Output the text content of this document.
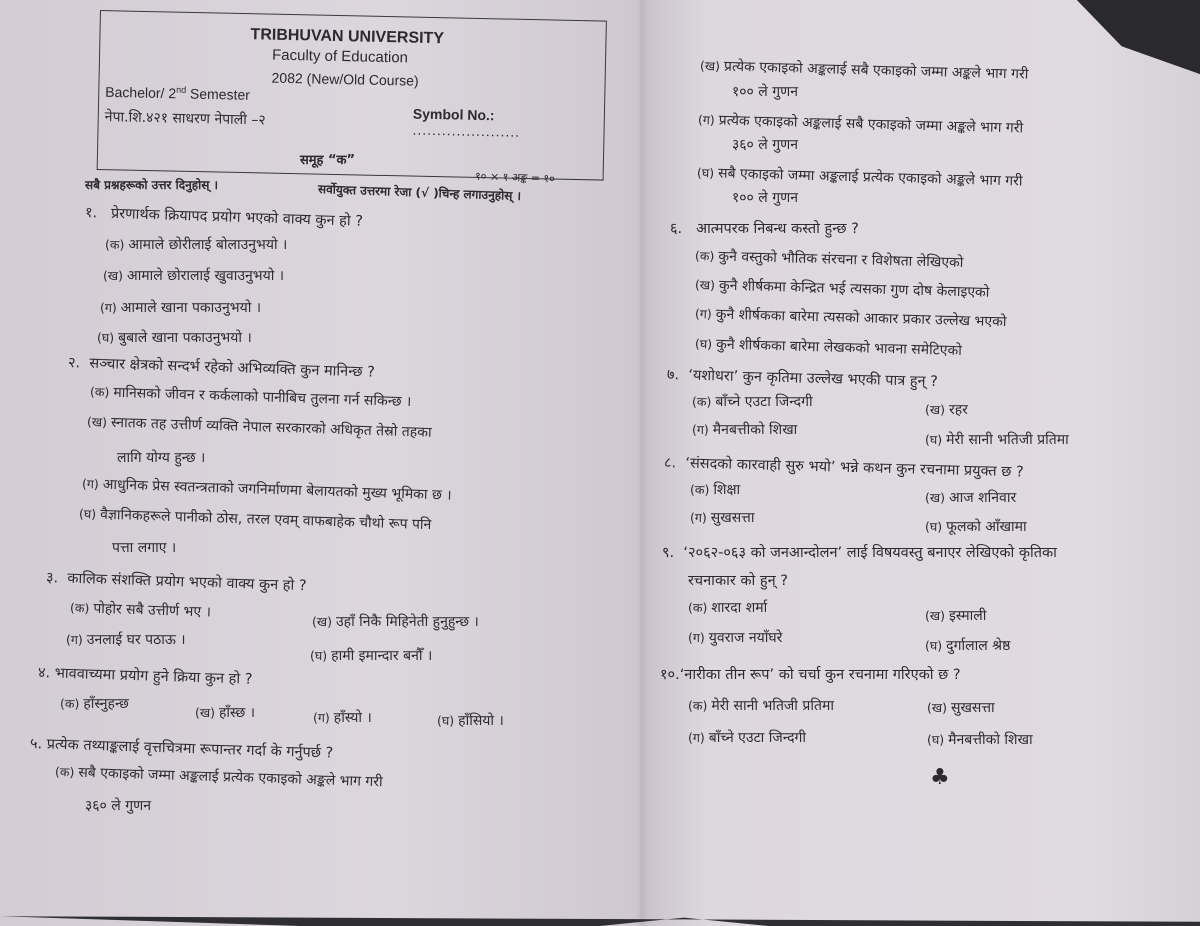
TRIBHUVAN UNIVERSITY
Faculty of Education
2082 (New/Old Course)
Bachelor/ 2nd Semester
नेपा.शि.४२१ साधरण नेपाली –२	Symbol No.: ......................
समूह “क”
१० × १ अङ्क = १०
सबै प्रश्नहरूको उत्तर दिनुहोस् ।	सर्वोयुक्त उत्तरमा रेजा (√ )चिन्ह लगाउनुहोस् ।
१. प्रेरणार्थक क्रियापद प्रयोग भएको वाक्य कुन हो ?
(क) आमाले छोरीलाई बोलाउनुभयो ।
(ख) आमाले छोरालाई खुवाउनुभयो ।
(ग) आमाले खाना पकाउनुभयो ।
(घ) बुबाले खाना पकाउनुभयो ।
२. सञ्चार क्षेत्रको सन्दर्भ रहेको अभिव्यक्ति कुन मानिन्छ ?
(क) मानिसको जीवन र कर्कलाको पानीबिच तुलना गर्न सकिन्छ ।
(ख) स्नातक तह उत्तीर्ण व्यक्ति नेपाल सरकारको अधिकृत तेस्रो तहका
लागि योग्य हुन्छ ।
(ग) आधुनिक प्रेस स्वतन्त्रताको जगनिर्माणमा बेलायतको मुख्य भूमिका छ ।
(घ) वैज्ञानिकहरूले पानीको ठोस, तरल एवम् वाफबाहेक चौथो रूप पनि
पत्ता लगाए ।
३. कालिक संशक्ति प्रयोग भएको वाक्य कुन हो ?
(क) पोहोर सबै उत्तीर्ण भए ।
(ख) उहाँ निकै मिहिनेती हुनुहुन्छ ।
(ग) उनलाई घर पठाऊ ।
(घ) हामी इमान्दार बनौँ ।
४. भाववाच्यमा प्रयोग हुने क्रिया कुन हो ?
(क) हाँस्नुहन्छ
(ख) हाँस्छ ।	(ग) हाँस्यो ।	(घ) हाँसियो ।
५. प्रत्येक तथ्याङ्कलाई वृत्तचित्रमा रूपान्तर गर्दा के गर्नुपर्छ ?
(क) सबै एकाइको जम्मा अङ्कलाई प्रत्येक एकाइको अङ्कले भाग गरी
३६० ले गुणन
(ख) प्रत्येक एकाइको अङ्कलाई सबै एकाइको जम्मा अङ्कले भाग गरी
१०० ले गुणन
(ग) प्रत्येक एकाइको अङ्कलाई सबै एकाइको जम्मा अङ्कले भाग गरी
३६० ले गुणन
(घ) सबै एकाइको जम्मा अङ्कलाई प्रत्येक एकाइको अङ्कले भाग गरी
१०० ले गुणन
६. आत्मपरक निबन्ध कस्तो हुन्छ ?
(क) कुनै वस्तुको भौतिक संरचना र विशेषता लेखिएको
(ख) कुनै शीर्षकमा केन्द्रित भई त्यसका गुण दोष केलाइएको
(ग) कुनै शीर्षकका बारेमा त्यसको आकार प्रकार उल्लेख भएको
(घ) कुनै शीर्षकका बारेमा लेखकको भावना समेटिएको
७. ‘यशोधरा’ कुन कृतिमा उल्लेख भएकी पात्र हुन् ?
(क) बाँच्ने एउटा जिन्दगी	(ख) रहर
(ग) मैनबत्तीको शिखा
(घ) मेरी सानी भतिजी प्रतिमा
८. ‘संसदको कारवाही सुरु भयो’ भन्ने कथन कुन रचनामा प्रयुक्त छ ?
(क) शिक्षा	(ख) आज शनिवार
(ग) सुखसत्ता
(घ) फूलको आँखामा
९. ‘२०६२-०६३ को जनआन्दोलन’ लाई विषयवस्तु बनाएर लेखिएको कृतिका
रचनाकार को हुन् ?
(क) शारदा शर्मा	(ख) इस्माली
(ग) युवराज नयाँघरे	(घ) दुर्गालाल श्रेष्ठ
१०.‘नारीका तीन रूप’ को चर्चा कुन रचनामा गरिएको छ ?
(क) मेरी सानी भतिजी प्रतिमा	(ख) सुखसत्ता
(ग) बाँच्ने एउटा जिन्दगी	(घ) मैनबत्तीको शिखा
♣
